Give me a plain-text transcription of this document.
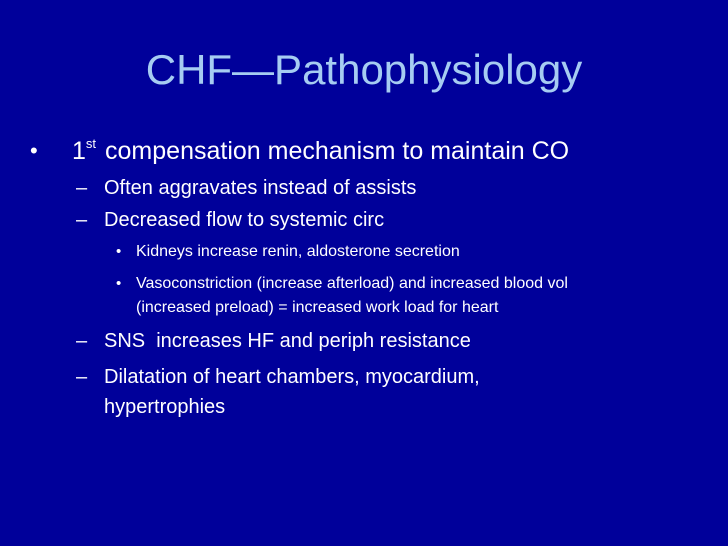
CHF—Pathophysiology
• 1st compensation mechanism to maintain CO
– Often aggravates instead of assists
– Decreased flow to systemic circ
• Kidneys increase renin, aldosterone secretion
• Vasoconstriction (increase afterload) and increased blood vol
(increased preload) = increased work load for heart
– SNS  increases HF and periph resistance
– Dilatation of heart chambers, myocardium,
hypertrophies
